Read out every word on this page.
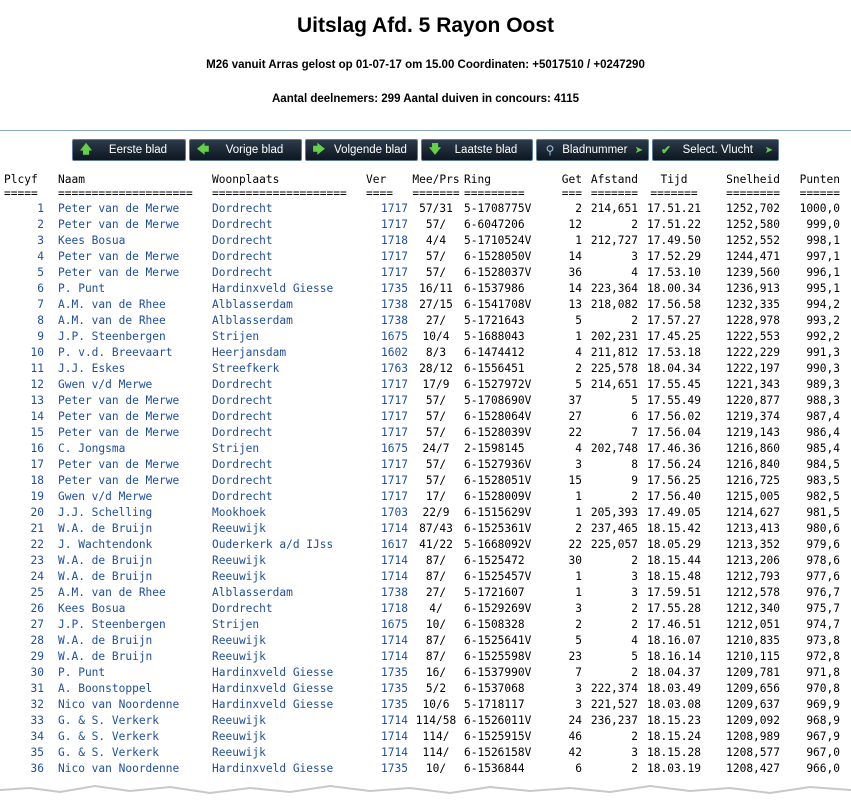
Uitslag Afd. 5 Rayon Oost
M26 vanuit Arras gelost op 01-07-17 om 15.00 Coordinaten: +5017510 / +0247290
Aantal deelnemers: 299 Aantal duiven in concours: 4115
🡅	Eerste blad	🡄	Vorige blad	🡆 Volgende blad	🡇	Laatste blad	⚲ Bladnummer ➤	✔	Select. Vlucht	➤
Plcyf		Naam	Woonplaats	Ver	Mee/Prs	Ring	Get	Afstand	Tijd	Snelheid	Punten
=====		====================	====================	====	=======	=========	===	=======	=======	========	======
1		Peter van de Merwe	Dordrecht	1717	57/31	5-1708775V	2	214,651	17.51.21	1252,702	1000,0
2		Peter van de Merwe	Dordrecht	1717	57/	6-6047206	12	2	17.51.22	1252,580	999,0
3		Kees Bosua	Dordrecht	1718	4/4	5-1710524V	1	212,727	17.49.50	1252,552	998,1
4		Peter van de Merwe	Dordrecht	1717	57/	6-1528050V	14	3	17.52.29	1244,471	997,1
5		Peter van de Merwe	Dordrecht	1717	57/	6-1528037V	36	4	17.53.10	1239,560	996,1
6		P. Punt	Hardinxveld Giesse	1735	16/11	6-1537986	14	223,364	18.00.34	1236,913	995,1
7		A.M. van de Rhee	Alblasserdam	1738	27/15	6-1541708V	13	218,082	17.56.58	1232,335	994,2
8		A.M. van de Rhee	Alblasserdam	1738	27/	5-1721643	5	2	17.57.27	1228,978	993,2
9		J.P. Steenbergen	Strijen	1675	10/4	5-1688043	1	202,231	17.45.25	1222,553	992,2
10		P. v.d. Breevaart	Heerjansdam	1602	8/3	6-1474412	4	211,812	17.53.18	1222,229	991,3
11		J.J. Eskes	Streefkerk	1763	28/12	6-1556451	2	225,578	18.04.34	1222,197	990,3
12		Gwen v/d Merwe	Dordrecht	1717	17/9	6-1527972V	5	214,651	17.55.45	1221,343	989,3
13		Peter van de Merwe	Dordrecht	1717	57/	5-1708690V	37	5	17.55.49	1220,877	988,3
14		Peter van de Merwe	Dordrecht	1717	57/	6-1528064V	27	6	17.56.02	1219,374	987,4
15		Peter van de Merwe	Dordrecht	1717	57/	6-1528039V	22	7	17.56.04	1219,143	986,4
16		C. Jongsma	Strijen	1675	24/7	2-1598145	4	202,748	17.46.36	1216,860	985,4
17		Peter van de Merwe	Dordrecht	1717	57/	6-1527936V	3	8	17.56.24	1216,840	984,5
18		Peter van de Merwe	Dordrecht	1717	57/	6-1528051V	15	9	17.56.25	1216,725	983,5
19		Gwen v/d Merwe	Dordrecht	1717	17/	6-1528009V	1	2	17.56.40	1215,005	982,5
20		J.J. Schelling	Mookhoek	1703	22/9	6-1515629V	1	205,393	17.49.05	1214,627	981,5
21		W.A. de Bruijn	Reeuwijk	1714	87/43	6-1525361V	2	237,465	18.15.42	1213,413	980,6
22		J. Wachtendonk	Ouderkerk a/d IJss	1617	41/22	5-1668092V	22	225,057	18.05.29	1213,352	979,6
23		W.A. de Bruijn	Reeuwijk	1714	87/	6-1525472	30	2	18.15.44	1213,206	978,6
24		W.A. de Bruijn	Reeuwijk	1714	87/	6-1525457V	1	3	18.15.48	1212,793	977,6
25		A.M. van de Rhee	Alblasserdam	1738	27/	5-1721607	1	3	17.59.51	1212,578	976,7
26		Kees Bosua	Dordrecht	1718	4/	6-1529269V	3	2	17.55.28	1212,340	975,7
27		J.P. Steenbergen	Strijen	1675	10/	6-1508328	2	2	17.46.51	1212,051	974,7
28		W.A. de Bruijn	Reeuwijk	1714	87/	6-1525641V	5	4	18.16.07	1210,835	973,8
29		W.A. de Bruijn	Reeuwijk	1714	87/	6-1525598V	23	5	18.16.14	1210,115	972,8
30		P. Punt	Hardinxveld Giesse	1735	16/	6-1537990V	7	2	18.04.37	1209,781	971,8
31		A. Boonstoppel	Hardinxveld Giesse	1735	5/2	6-1537068	3	222,374	18.03.49	1209,656	970,8
32		Nico van Noordenne	Hardinxveld Giesse	1735	10/6	5-1718117	3	221,527	18.03.08	1209,637	969,9
33		G. & S. Verkerk	Reeuwijk	1714	114/58	6-1526011V	24	236,237	18.15.23	1209,092	968,9
34		G. & S. Verkerk	Reeuwijk	1714	114/	6-1525915V	46	2	18.15.24	1208,989	967,9
35		G. & S. Verkerk	Reeuwijk	1714	114/	6-1526158V	42	3	18.15.28	1208,577	967,0
36		Nico van Noordenne	Hardinxveld Giesse	1735	10/	6-1536844	6	2	18.03.19	1208,427	966,0
